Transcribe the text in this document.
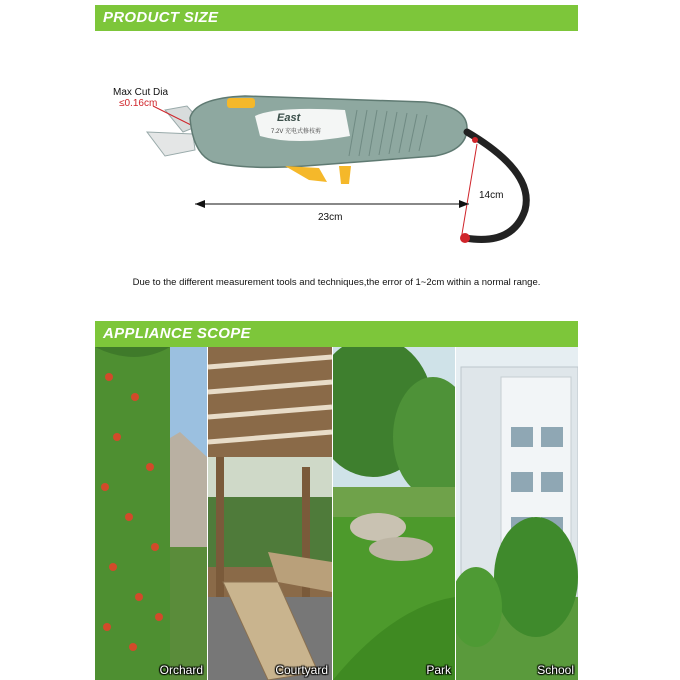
PRODUCT SIZE
Max Cut Dia
≤0.16cm
East
7.2V 充电式修枝剪
23cm
14cm
Due to the different measurement tools and techniques,the error of 1~2cm within a normal range.
APPLIANCE SCOPE
Orchard	Courtyard	Park	School
